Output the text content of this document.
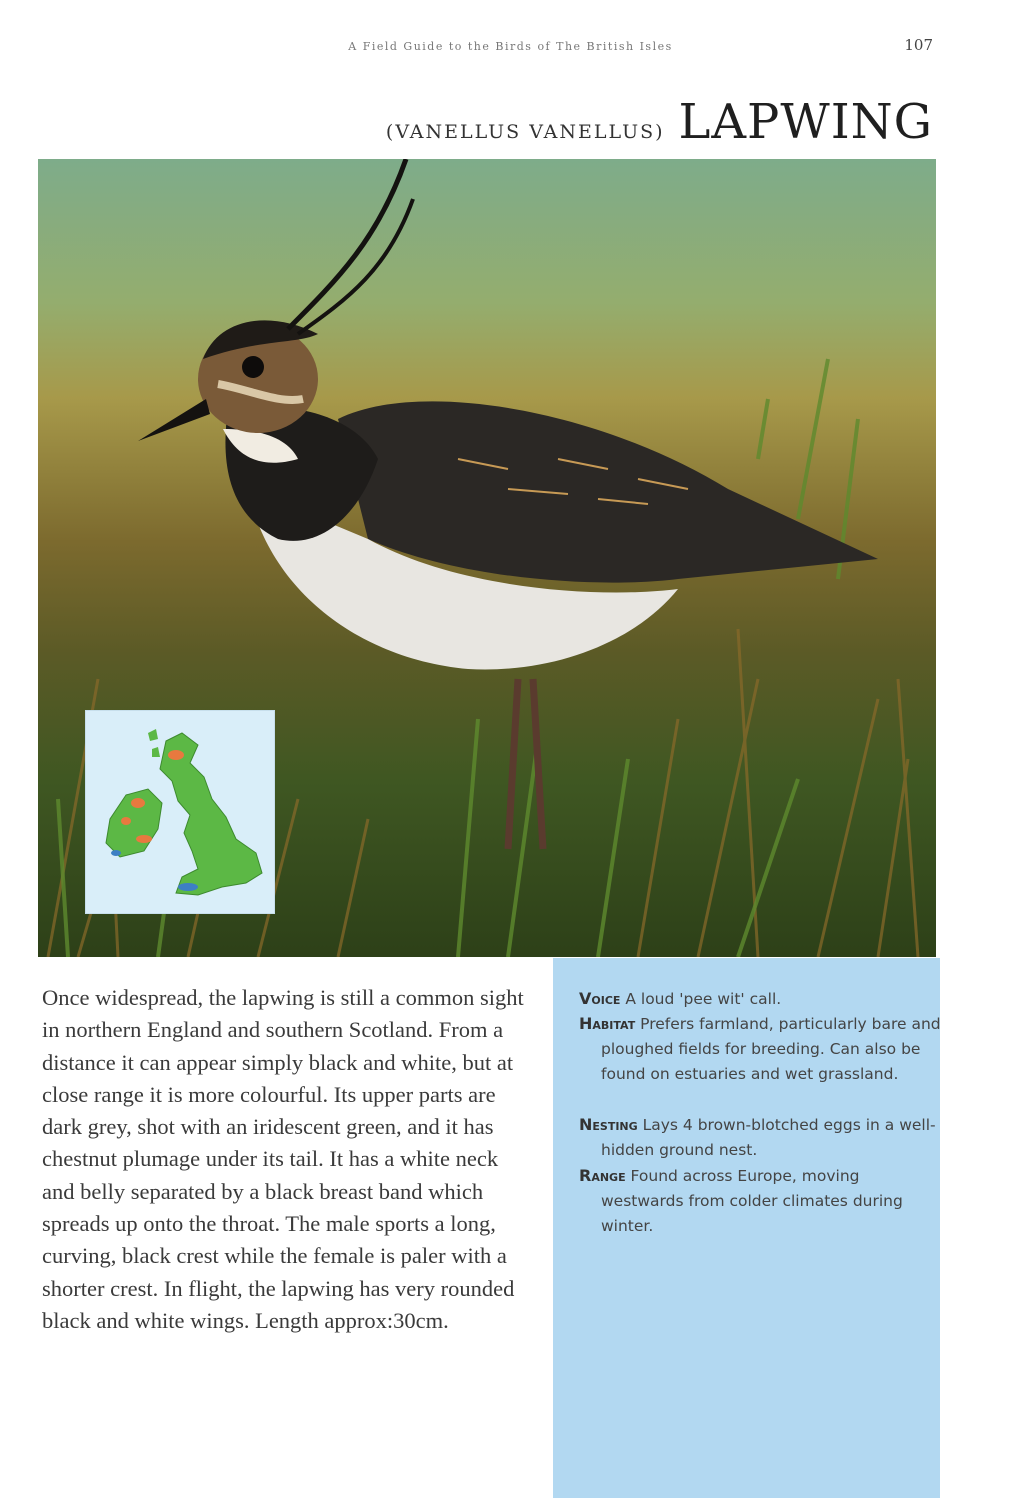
A Field Guide to the Birds of The British Isles	107
(VANELLUS VANELLUS) LAPWING

Once widespread, the lapwing is still a common sight in northern England and southern Scotland. From a distance it can appear simply black and white, but at close range it is more colourful. Its upper parts are dark grey, shot with an iridescent green, and it has chestnut plumage under its tail. It has a white neck and belly separated by a black breast band which spreads up onto the throat. The male sports a long, curving, black crest while the female is paler with a shorter crest. In flight, the lapwing has very rounded black and white wings. Length approx:30cm.

Voice A loud 'pee wit' call.

Habitat Prefers farmland, particularly bare and ploughed fields for breeding. Can also be found on estuaries and wet grassland.

Nesting Lays 4 brown-blotched eggs in a well-hidden ground nest.

Range Found across Europe, moving westwards from colder climates during winter.
